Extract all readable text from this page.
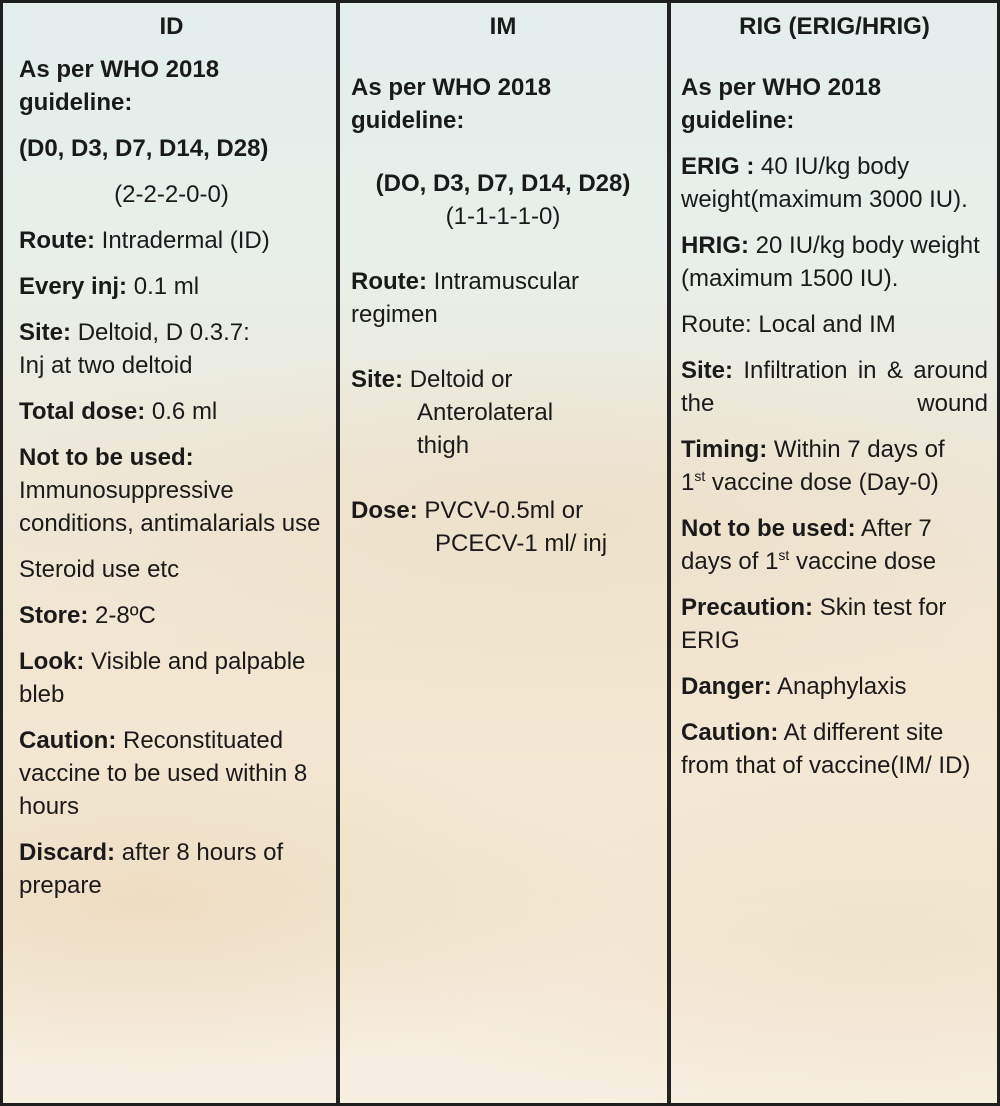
ID
As per WHO 2018 guideline:
(D0, D3, D7, D14, D28)
(2-2-2-0-0)
Route: Intradermal (ID)
Every inj: 0.1 ml
Site: Deltoid, D 0.3.7:
Inj at two deltoid
Total dose: 0.6 ml
Not to be used:
Immunosuppressive conditions, antimalarials use
Steroid use etc
Store: 2-8ºC
Look: Visible and palpable bleb
Caution: Reconstituated vaccine to be used within 8 hours
Discard: after 8 hours of prepare
IM
As per WHO 2018 guideline:
(DO, D3, D7, D14, D28)
(1-1-1-1-0)
Route: Intramuscular regimen
Site: Deltoid or
Anterolateral
thigh
Dose: PVCV-0.5ml or
PCECV-1 ml/ inj
RIG (ERIG/HRIG)
As per WHO 2018 guideline:
ERIG : 40 IU/kg body weight(maximum 3000 IU).
HRIG: 20 IU/kg body weight (maximum 1500 IU).
Route: Local and IM
Site: Infiltration in & around the wound
Timing: Within 7 days of
1st vaccine dose (Day-0)
Not to be used: After 7 days of 1st vaccine dose
Precaution: Skin test for ERIG
Danger: Anaphylaxis
Caution: At different site from that of vaccine(IM/ ID)
